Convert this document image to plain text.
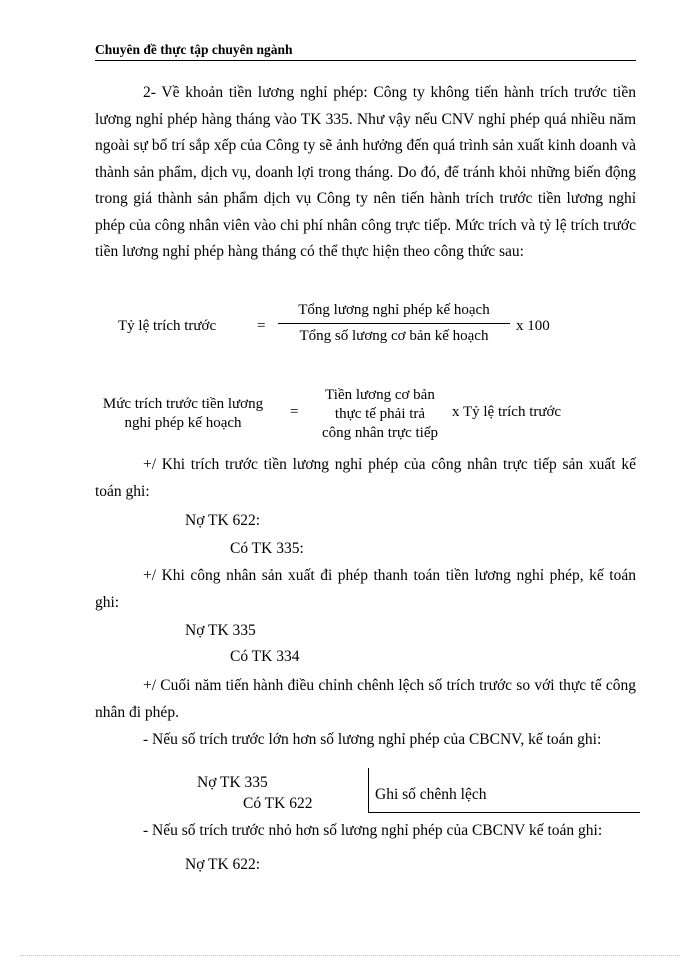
Chuyên đề thực tập chuyên ngành

2- Về khoản tiền lương nghỉ phép: Công ty không tiến hành trích trước tiền lương nghỉ phép hàng tháng vào TK 335. Như vậy nếu CNV nghỉ phép quá nhiều năm ngoài sự bố trí sắp xếp của Công ty sẽ ảnh hưởng đến quá trình sản xuất kinh doanh và thành sản phẩm, dịch vụ, doanh lợi trong tháng. Do đó, để tránh khỏi những biến động trong giá thành sản phẩm dịch vụ Công ty nên tiến hành trích trước tiền lương nghỉ phép của công nhân viên vào chi phí nhân công trực tiếp. Mức trích và tỷ lệ trích trước tiền lương nghỉ phép hàng tháng có thể thực hiện theo công thức sau:

Tỷ lệ trích trước	=
Tổng lương nghỉ phép kế hoạch
Tổng số lương cơ bản kế hoạch
x 100
Mức trích trước tiền lương
nghỉ phép kế hoạch
=
Tiền lương cơ bản
thực tế phải trả
công nhân trực tiếp
x Tỷ lệ trích trước

+/ Khi trích trước tiền lương nghỉ phép của công nhân trực tiếp sản xuất kế toán ghi:

Nợ TK 622:
Có TK 335:

+/ Khi công nhân sản xuất đi phép thanh toán tiền lương nghỉ phép, kế toán ghi:

Nợ TK 335
Có TK 334

+/ Cuối năm tiến hành điều chỉnh chênh lệch số trích trước so với thực tế công nhân đi phép.

- Nếu số trích trước lớn hơn số lương nghỉ phép của CBCNV, kế toán ghi:
Nợ TK 335
Có TK 622
Ghi số chênh lệch
- Nếu số trích trước nhỏ hơn số lương nghỉ phép của CBCNV kế toán ghi:
Nợ TK 622:
